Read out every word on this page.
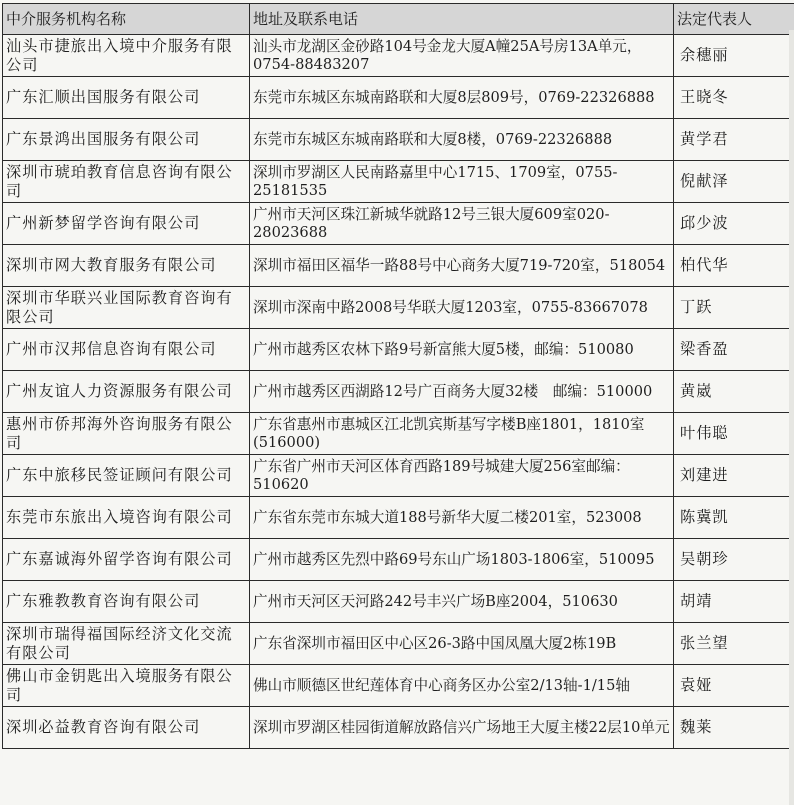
中介服务机构名称	地址及联系电话	法定代表人
汕头市捷旅出入境中介服务有限公司	汕头市龙湖区金砂路104号金龙大厦A幢25A号房13A单元，0754-88483207	余穗丽
广东汇顺出国服务有限公司	东莞市东城区东城南路联和大厦8层809号，0769-22326888	王晓冬
广东景鸿出国服务有限公司	东莞市东城区东城南路联和大厦8楼，0769-22326888	黄学君
深圳市琥珀教育信息咨询有限公司	深圳市罗湖区人民南路嘉里中心1715、1709室，0755-25181535	倪献泽
广州新梦留学咨询有限公司	广州市天河区珠江新城华就路12号三银大厦609室020-28023688	邱少波
深圳市网大教育服务有限公司	深圳市福田区福华一路88号中心商务大厦719-720室，518054	柏代华
深圳市华联兴业国际教育咨询有限公司	深圳市深南中路2008号华联大厦1203室，0755-83667078	丁跃
广州市汉邦信息咨询有限公司	广州市越秀区农林下路9号新富熊大厦5楼，邮编：510080	梁香盈
广州友谊人力资源服务有限公司	广州市越秀区西湖路12号广百商务大厦32楼　邮编：510000	黄崴
惠州市侨邦海外咨询服务有限公司	广东省惠州市惠城区江北凯宾斯基写字楼B座1801，1810室　(516000)	叶伟聪
广东中旅移民签证顾问有限公司	广东省广州市天河区体育西路189号城建大厦256室邮编：510620	刘建进
东莞市东旅出入境咨询有限公司	广东省东莞市东城大道188号新华大厦二楼201室，523008	陈冀凯
广东嘉诚海外留学咨询有限公司	广州市越秀区先烈中路69号东山广场1803-1806室，510095	吴朝珍
广东雅教教育咨询有限公司	广州市天河区天河路242号丰兴广场B座2004，510630	胡靖
深圳市瑞得福国际经济文化交流有限公司	广东省深圳市福田区中心区26-3路中国凤凰大厦2栋19B	张兰望
佛山市金钥匙出入境服务有限公司	佛山市顺德区世纪莲体育中心商务区办公室2/13轴-1/15轴	袁娅
深圳必益教育咨询有限公司	深圳市罗湖区桂园街道解放路信兴广场地王大厦主楼22层10单元	魏莱
